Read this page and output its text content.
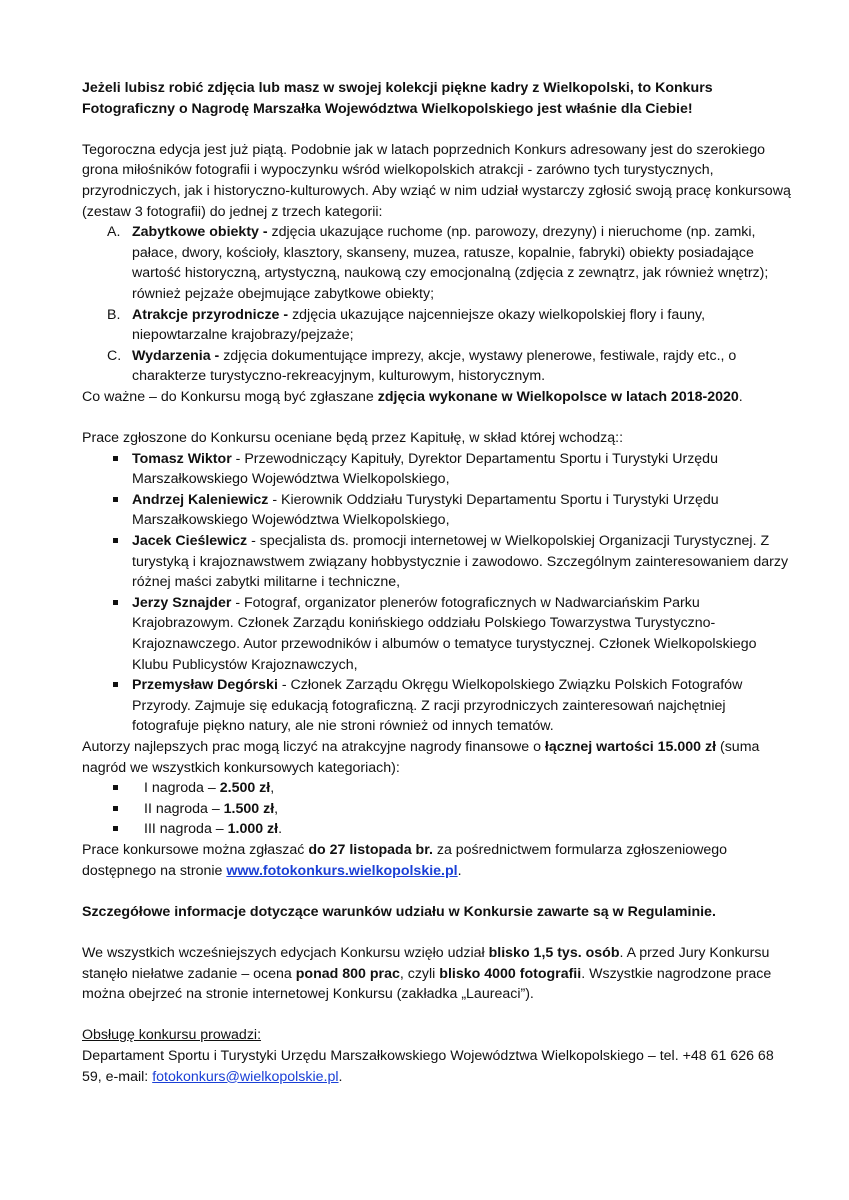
Jeżeli lubisz robić zdjęcia lub masz w swojej kolekcji piękne kadry z Wielkopolski, to Konkurs Fotograficzny o Nagrodę Marszałka Województwa Wielkopolskiego jest właśnie dla Ciebie!

Tegoroczna edycja jest już piątą. Podobnie jak w latach poprzednich Konkurs adresowany jest do szerokiego grona miłośników fotografii i wypoczynku wśród wielkopolskich atrakcji - zarówno tych turystycznych, przyrodniczych, jak i historyczno-kulturowych. Aby wziąć w nim udział wystarczy zgłosić swoją pracę konkursową (zestaw 3 fotografii) do jednej z trzech kategorii:

A. Zabytkowe obiekty - zdjęcia ukazujące ruchome (np. parowozy, drezyny) i nieruchome (np. zamki, pałace, dwory, kościoły, klasztory, skanseny, muzea, ratusze, kopalnie, fabryki) obiekty posiadające wartość historyczną, artystyczną, naukową czy emocjonalną (zdjęcia z zewnątrz, jak również wnętrz); również pejzaże obejmujące zabytkowe obiekty;
B. Atrakcje przyrodnicze - zdjęcia ukazujące najcenniejsze okazy wielkopolskiej flory i fauny, niepowtarzalne krajobrazy/pejzaże;
C. Wydarzenia - zdjęcia dokumentujące imprezy, akcje, wystawy plenerowe, festiwale, rajdy etc., o charakterze turystyczno-rekreacyjnym, kulturowym, historycznym.

Co ważne – do Konkursu mogą być zgłaszane zdjęcia wykonane w Wielkopolsce w latach 2018-2020.

Prace zgłoszone do Konkursu oceniane będą przez Kapitułę, w skład której wchodzą::

Tomasz Wiktor - Przewodniczący Kapituły, Dyrektor Departamentu Sportu i Turystyki Urzędu Marszałkowskiego Województwa Wielkopolskiego,
Andrzej Kaleniewicz - Kierownik Oddziału Turystyki Departamentu Sportu i Turystyki Urzędu Marszałkowskiego Województwa Wielkopolskiego,
Jacek Cieślewicz - specjalista ds. promocji internetowej w Wielkopolskiej Organizacji Turystycznej. Z turystyką i krajoznawstwem związany hobbystycznie i zawodowo. Szczególnym zainteresowaniem darzy różnej maści zabytki militarne i techniczne,
Jerzy Sznajder - Fotograf, organizator plenerów fotograficznych w Nadwarciańskim Parku Krajobrazowym. Członek Zarządu konińskiego oddziału Polskiego Towarzystwa Turystyczno-Krajoznawczego. Autor przewodników i albumów o tematyce turystycznej. Członek Wielkopolskiego Klubu Publicystów Krajoznawczych,
Przemysław Degórski - Członek Zarządu Okręgu Wielkopolskiego Związku Polskich Fotografów Przyrody. Zajmuje się edukacją fotograficzną. Z racji przyrodniczych zainteresowań najchętniej fotografuje piękno natury, ale nie stroni również od innych tematów.

Autorzy najlepszych prac mogą liczyć na atrakcyjne nagrody finansowe o łącznej wartości 15.000 zł (suma nagród we wszystkich konkursowych kategoriach):

I nagroda – 2.500 zł,
II nagroda – 1.500 zł,
III nagroda – 1.000 zł.

Prace konkursowe można zgłaszać do 27 listopada br. za pośrednictwem formularza zgłoszeniowego dostępnego na stronie www.fotokonkurs.wielkopolskie.pl.

Szczegółowe informacje dotyczące warunków udziału w Konkursie zawarte są w Regulaminie.

We wszystkich wcześniejszych edycjach Konkursu wzięło udział blisko 1,5 tys. osób. A przed Jury Konkursu stanęło niełatwe zadanie – ocena ponad 800 prac, czyli blisko 4000 fotografii. Wszystkie nagrodzone prace można obejrzeć na stronie internetowej Konkursu (zakładka „Laureaci”).

Obsługę konkursu prowadzi:

Departament Sportu i Turystyki Urzędu Marszałkowskiego Województwa Wielkopolskiego – tel. +48 61 626 68 59, e-mail: fotokonkurs@wielkopolskie.pl.
